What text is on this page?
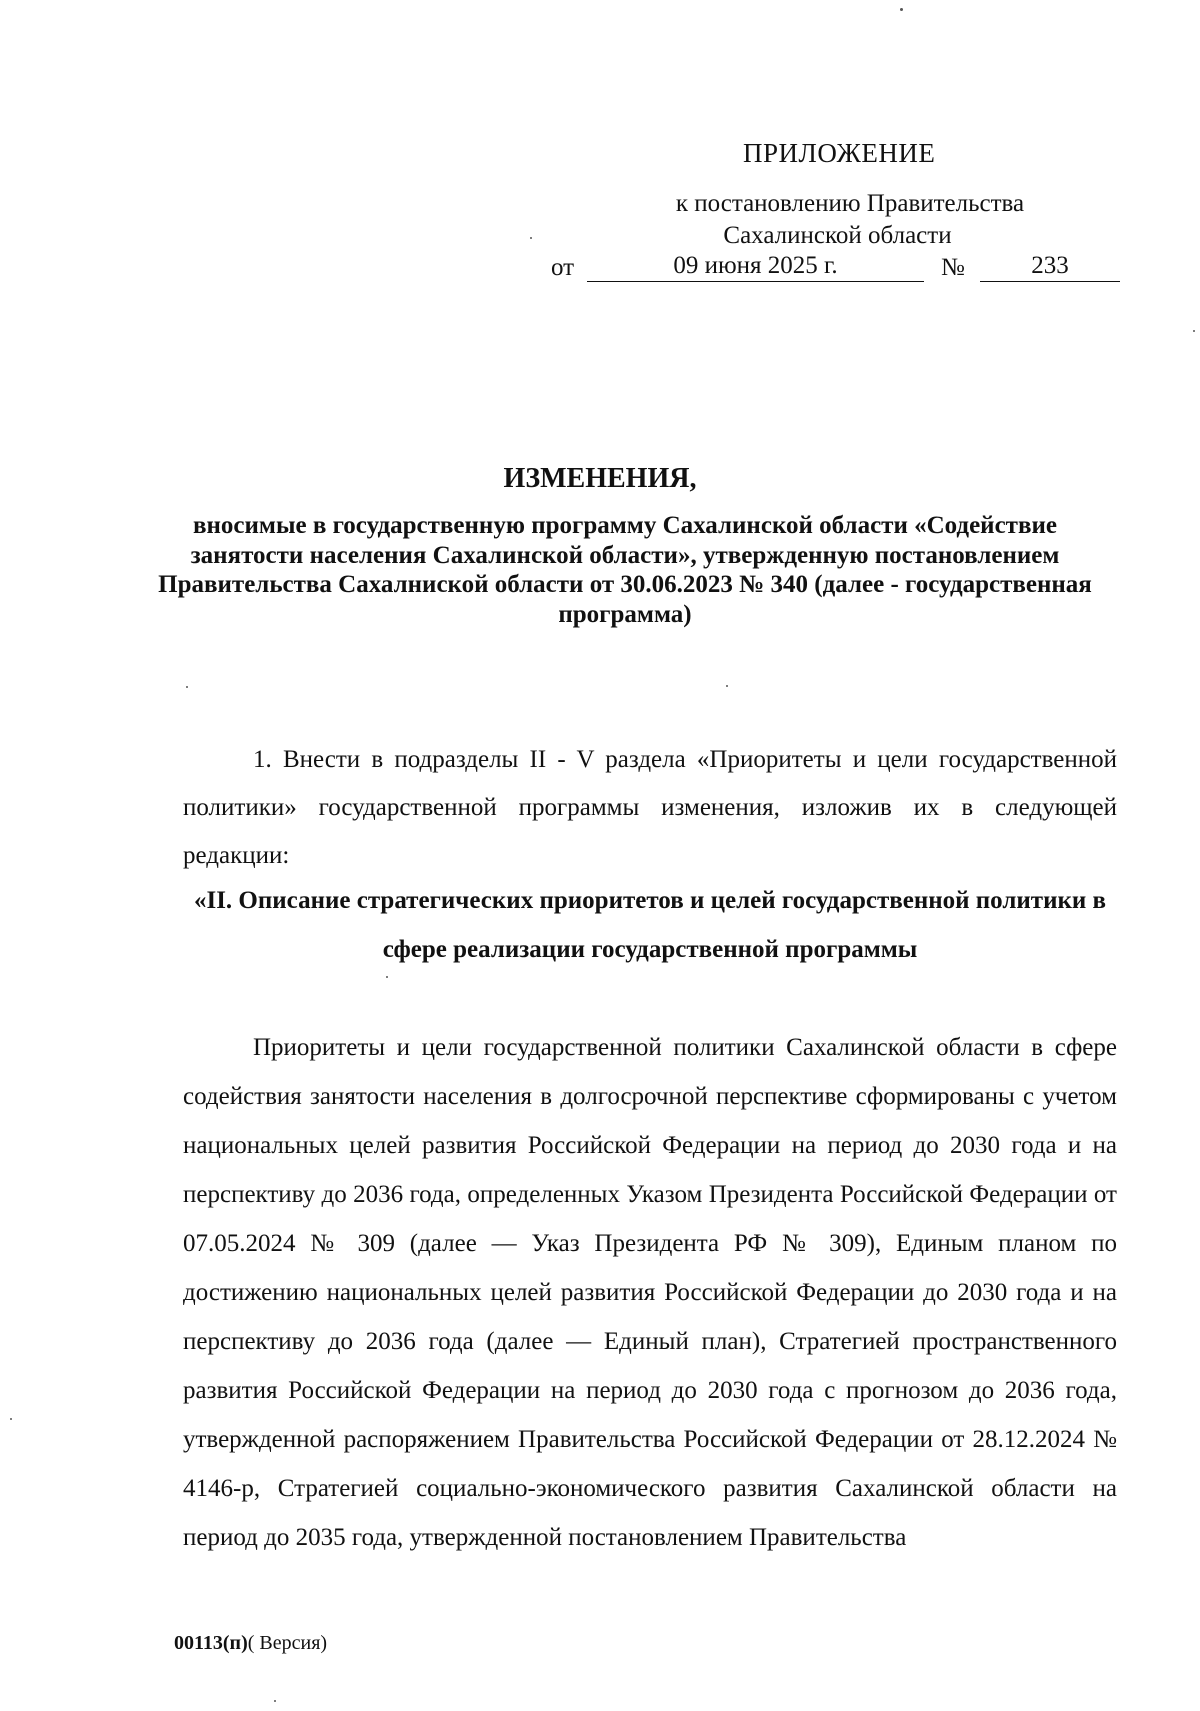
ПРИЛОЖЕНИЕ
к постановлению Правительства
Сахалинской области
от	09 июня 2025 г.	№	233
ИЗМЕНЕНИЯ,
вносимые в государственную программу Сахалинской области «Содействие занятости населения Сахалинской области», утвержденную постановлением Правительства Сахалниской области от 30.06.2023 № 340 (далее - государственная программа)
1. Внести в подразделы II - V раздела «Приоритеты и цели государственной политики» государственной программы изменения, изложив их в следующей редакции:
«II. Описание стратегических приоритетов и целей государственной политики в сфере реализации государственной программы
Приоритеты и цели государственной политики Сахалинской области в сфере содействия занятости населения в долгосрочной перспективе сформированы с учетом национальных целей развития Российской Федерации на период до 2030 года и на перспективу до 2036 года, определенных Указом Президента Российской Федерации от 07.05.2024 № 309 (далее — Указ Президента РФ № 309), Единым планом по достижению национальных целей развития Российской Федерации до 2030 года и на перспективу до 2036 года (далее — Единый план), Стратегией пространственного развития Российской Федерации на период до 2030 года с прогнозом до 2036 года, утвержденной распоряжением Правительства Российской Федерации от 28.12.2024 № 4146-р, Стратегией социально-экономического развития Сахалинской области на период до 2035 года, утвержденной постановлением Правительства
00113(п)( Версия)
